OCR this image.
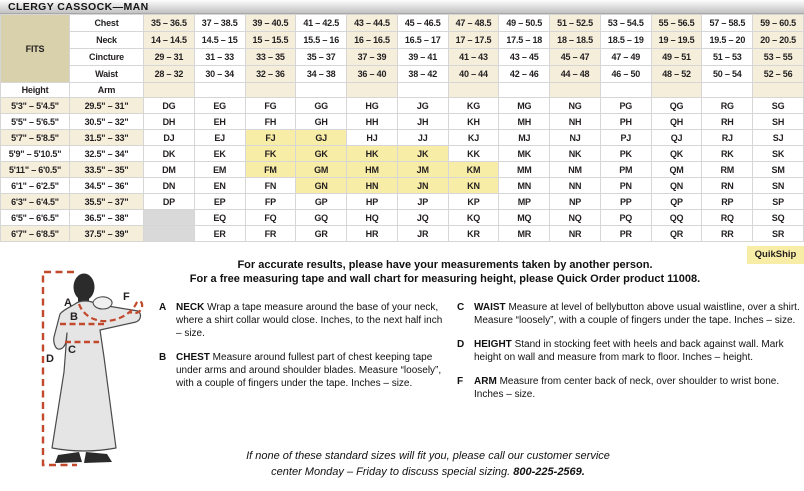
CLERGY CASSOCK—MAN
FITS	Chest	35 – 36.5	37 – 38.5	39 – 40.5	41 – 42.5	43 – 44.5	45 – 46.5	47 – 48.5	49 – 50.5	51 – 52.5	53 – 54.5	55 – 56.5	57 – 58.5	59 – 60.5
	Neck	14 – 14.5	14.5 – 15	15 – 15.5	15.5 – 16	16 – 16.5	16.5 – 17	17 – 17.5	17.5 – 18	18 – 18.5	18.5 – 19	19 – 19.5	19.5 – 20	20 – 20.5
	Cincture	29 – 31	31 – 33	33 – 35	35 – 37	37 – 39	39 – 41	41 – 43	43 – 45	45 – 47	47 – 49	49 – 51	51 – 53	53 – 55
	Waist	28 – 32	30 – 34	32 – 36	34 – 38	36 – 40	38 – 42	40 – 44	42 – 46	44 – 48	46 – 50	48 – 52	50 – 54	52 – 56
Height	Arm													
5'3" – 5'4.5"	29.5" – 31"	DG	EG	FG	GG	HG	JG	KG	MG	NG	PG	QG	RG	SG
5'5" – 5'6.5"	30.5" – 32"	DH	EH	FH	GH	HH	JH	KH	MH	NH	PH	QH	RH	SH
5'7" – 5'8.5"	31.5" – 33"	DJ	EJ	FJ	GJ	HJ	JJ	KJ	MJ	NJ	PJ	QJ	RJ	SJ
5'9" – 5'10.5"	32.5" – 34"	DK	EK	FK	GK	HK	JK	KK	MK	NK	PK	QK	RK	SK
5'11" – 6'0.5"	33.5" – 35"	DM	EM	FM	GM	HM	JM	KM	MM	NM	PM	QM	RM	SM
6'1" – 6'2.5"	34.5" – 36"	DN	EN	FN	GN	HN	JN	KN	MN	NN	PN	QN	RN	SN
6'3" – 6'4.5"	35.5" – 37"	DP	EP	FP	GP	HP	JP	KP	MP	NP	PP	QP	RP	SP
6'5" – 6'6.5"	36.5" – 38"		EQ	FQ	GQ	HQ	JQ	KQ	MQ	NQ	PQ	QQ	RQ	SQ
6'7" – 6'8.5"	37.5" – 39"		ER	FR	GR	HR	JR	KR	MR	NR	PR	QR	RR	SR
QuikShip
For accurate results, please have your measurements taken by another person.
For a free measuring tape and wall chart for measuring height, please Quick Order product 11008.
A
B
C
D
F
A NECK Wrap a tape measure around the base of your neck, where a shirt collar would close. Inches, to the next half inch – size.
B CHEST Measure around fullest part of chest keeping tape under arms and around shoulder blades. Measure “loosely”, with a couple of fingers under the tape. Inches – size.
C WAIST Measure at level of bellybutton above usual waistline, over a shirt. Measure “loosely”, with a couple of fingers under the tape. Inches – size.
D HEIGHT Stand in stocking feet with heels and back against wall. Mark height on wall and measure from mark to floor. Inches – height.
F	ARM Measure from center back of neck, over shoulder to wrist bone. Inches – size.
If none of these standard sizes will fit you, please call our customer service
center Monday – Friday to discuss special sizing. 800-225-2569.
